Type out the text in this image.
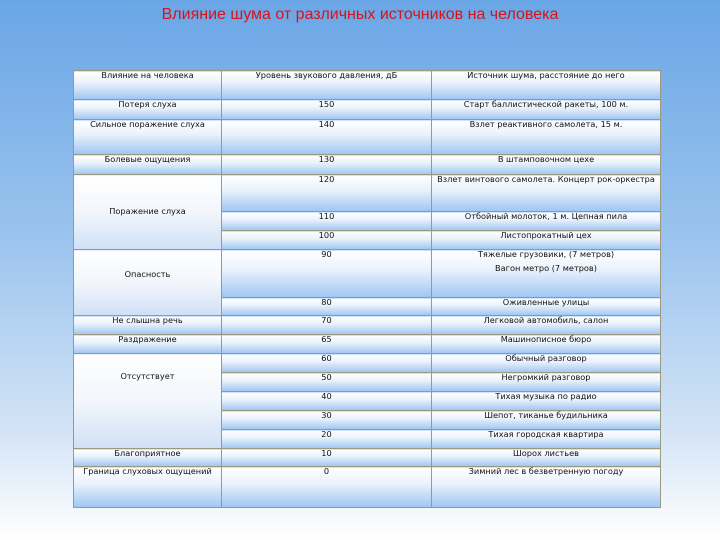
Влияние шума от различных источников на человека
Влияние на человека	Уровень звукового давления, дБ	Источник шума, расстояние до него
Потеря слуха	150	Старт баллистической ракеты, 100 м.
Сильное поражение слуха	140	Взлет реактивного самолета, 15 м.
Болевые ощущения	130	В штамповочном цехе
Поражение слуха	120	Взлет винтового самолета. Концерт рок-оркестра
	110	Отбойный молоток, 1 м. Цепная пила
	100	Листопрокатный цех
Опасность	90	Тяжелые грузовики, (7 метров)
Вагон метро (7 метров)

	80	Оживленные улицы
Не слышна речь	70	Легковой автомобиль, салон
Раздражение	65	Машинописное бюро
Отсутствует	60	Обычный разговор
	50	Негромкий разговор
	40	Тихая музыка по радио
	30	Шепот, тиканье будильника
	20	Тихая городская квартира
Благоприятное	10	Шорох листьев
Граница слуховых ощущений	0	Зимний лес в безветренную погоду
